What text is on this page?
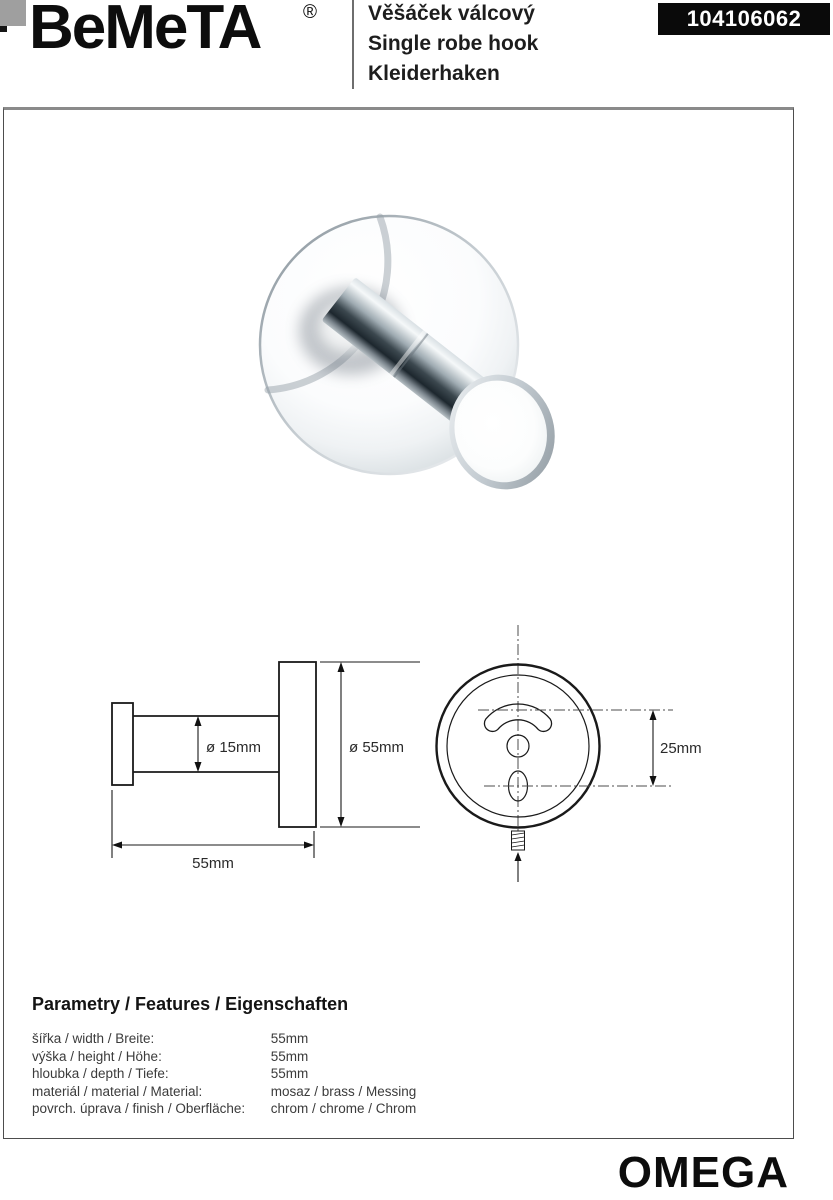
BeMeTA ® Věšáček válcový
Single robe hook
Kleiderhaken
104106062
ø 15mm	ø 55mm
55mm
25mm
Parametry / Features / Eigenschaften
šířka / width / Breite:	55mm
výška / height / Höhe:	55mm
hloubka / depth / Tiefe:	55mm
materiál / material / Material:	mosaz / brass / Messing
povrch. úprava / finish / Oberfläche: chrom / chrome / Chrom
OMEGA
